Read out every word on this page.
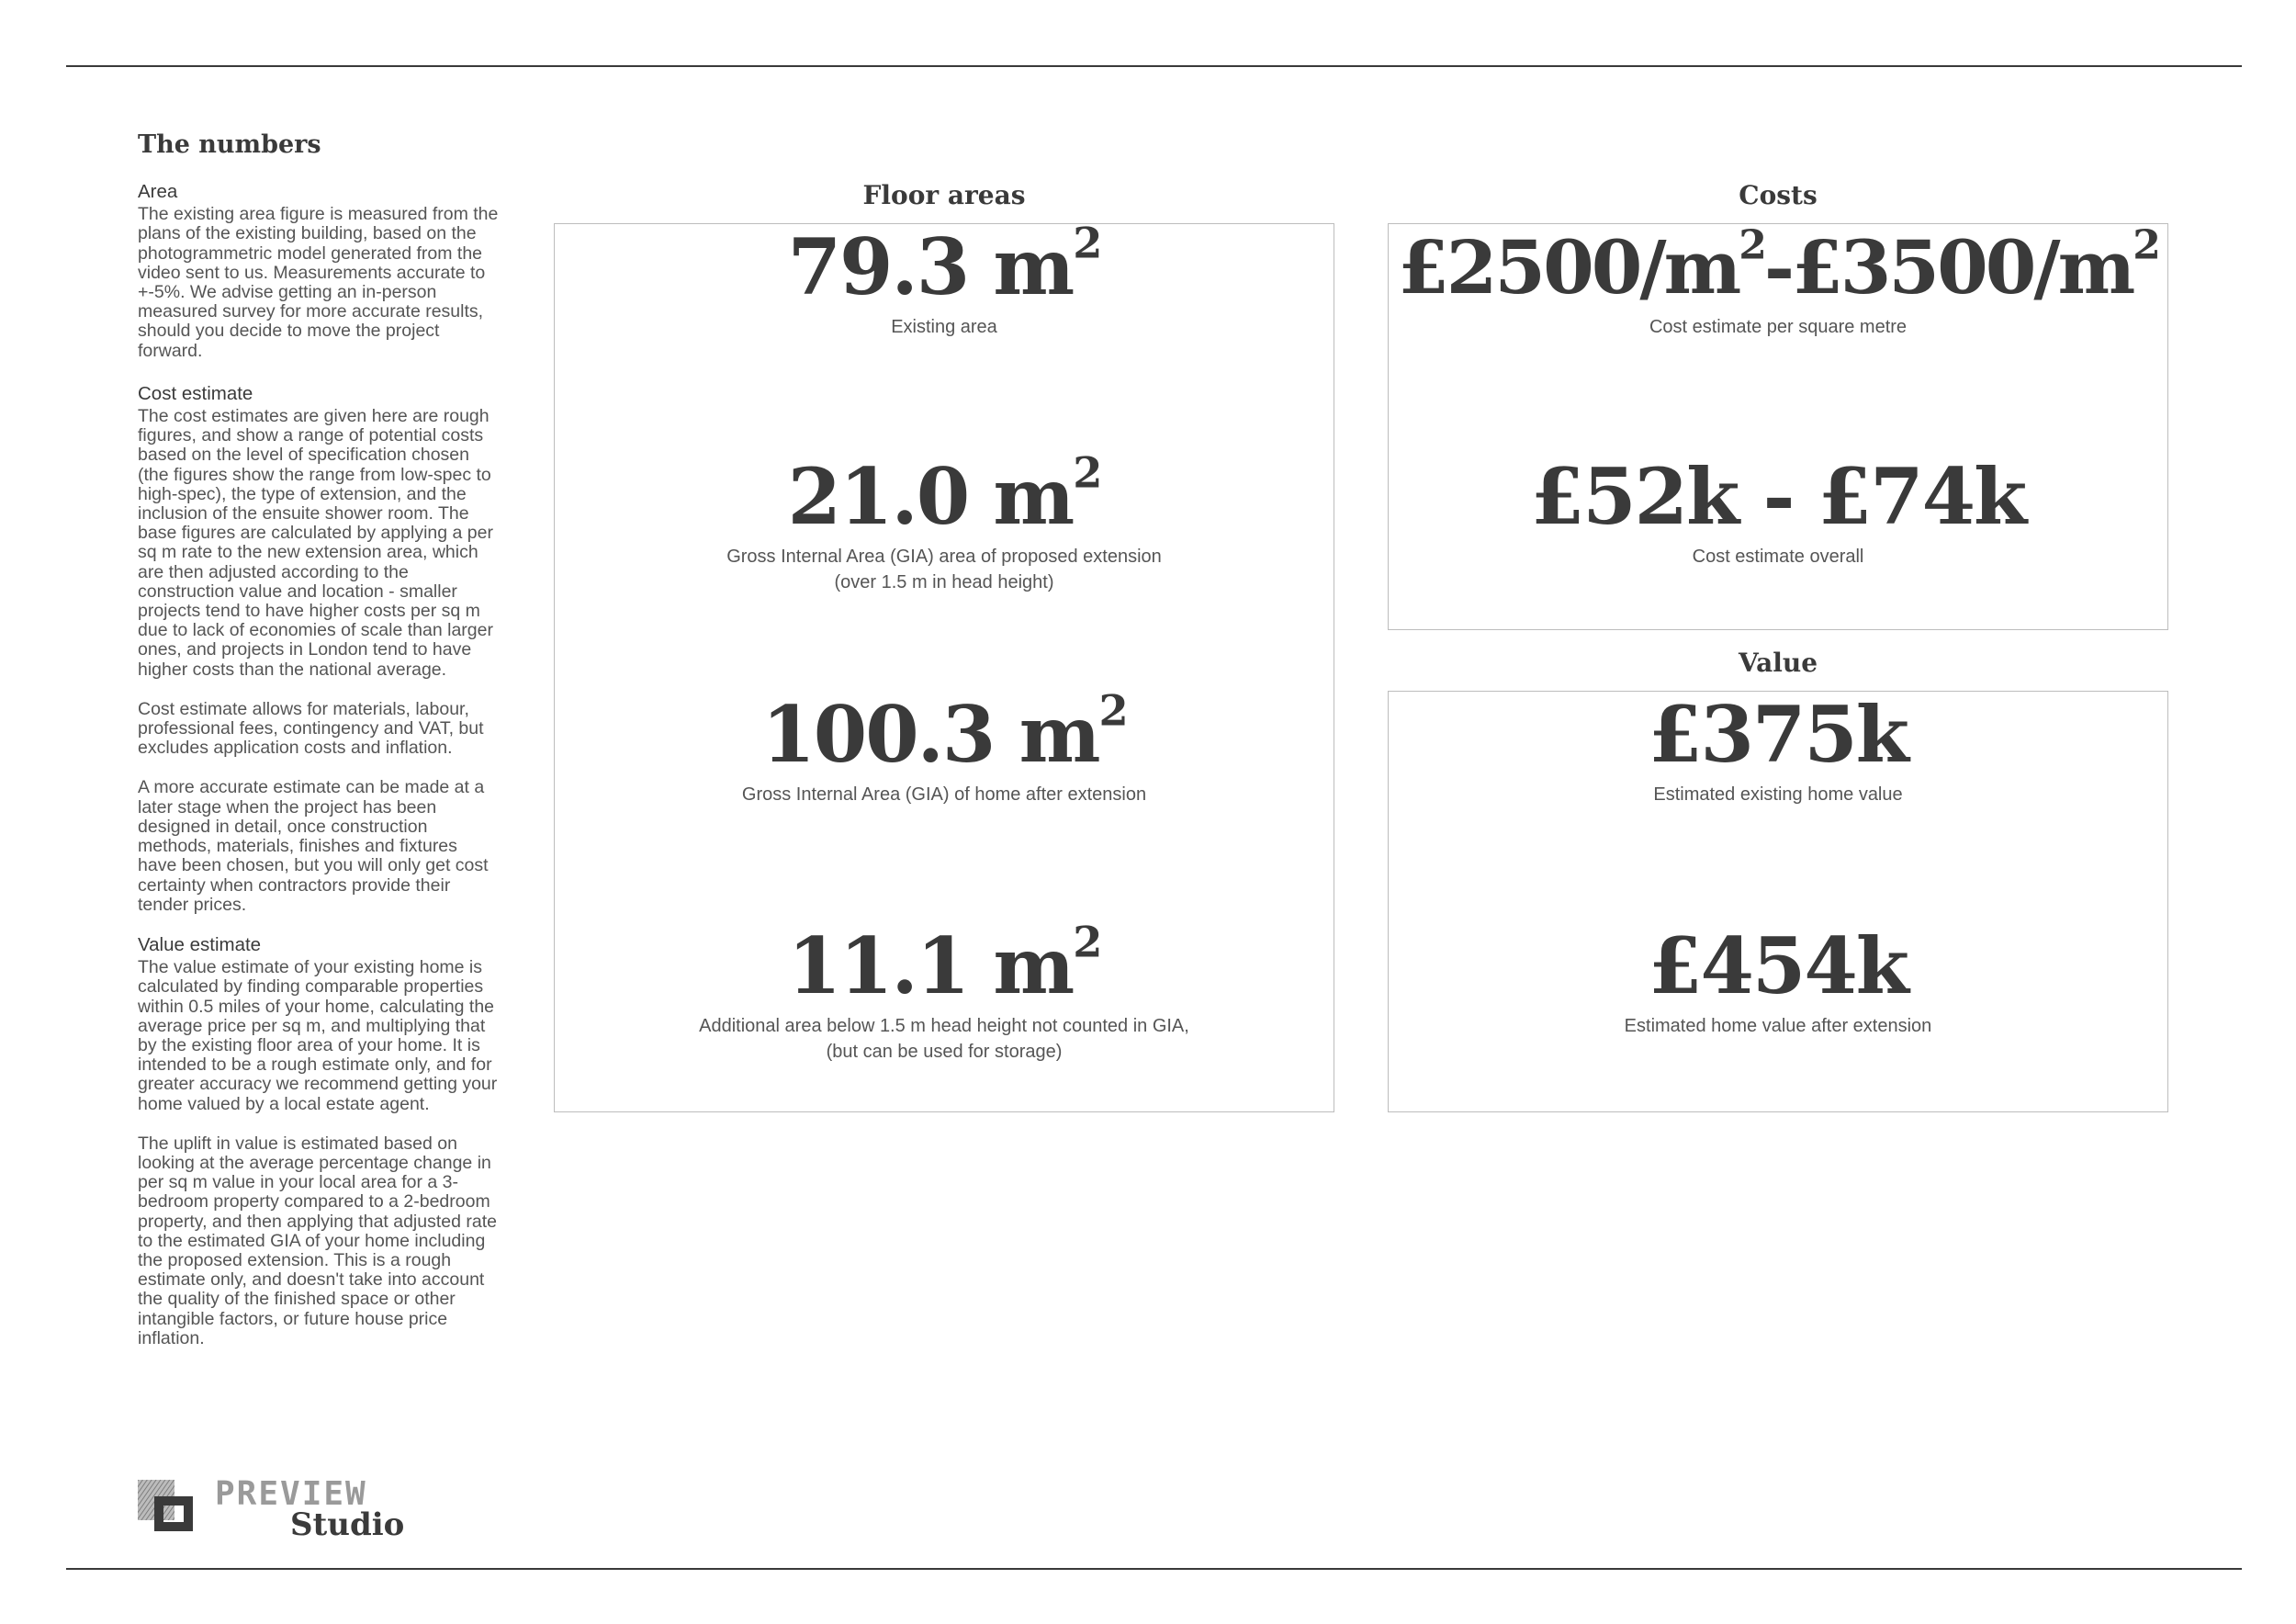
The numbers
Area

The existing area figure is measured from the plans of the existing building, based on the photogrammetric model generated from the video sent to us. Measurements accurate to +-5%. We advise getting an in-person measured survey for more accurate results, should you decide to move the project forward.

Cost estimate

The cost estimates are given here are rough figures, and show a range of potential costs based on the level of specification chosen (the figures show the range from low-spec to high-spec), the type of extension, and the inclusion of the ensuite shower room. The base figures are calculated by applying a per sq m rate to the new extension area, which are then adjusted according to the construction value and location - smaller projects tend to have higher costs per sq m due to lack of economies of scale than larger ones, and projects in London tend to have higher costs than the national average.

Cost estimate allows for materials, labour, professional fees, contingency and VAT, but excludes application costs and inflation.

A more accurate estimate can be made at a later stage when the project has been designed in detail, once construction methods, materials, finishes and fixtures have been chosen, but you will only get cost certainty when contractors provide their tender prices.

Value estimate

The value estimate of your existing home is calculated by finding comparable properties within 0.5 miles of your home, calculating the average price per sq m, and multiplying that by the existing floor area of your home. It is intended to be a rough estimate only, and for greater accuracy we recommend getting your home valued by a local estate agent.

The uplift in value is estimated based on looking at the average percentage change in per sq m value in your local area for a 3-bedroom property compared to a 2-bedroom property, and then applying that adjusted rate to the estimated GIA of your home including the proposed extension. This is a rough estimate only, and doesn't take into account the quality of the finished space or other intangible factors, or future house price inflation.

Floor areas
79.3 $m^2$
Existing area
21.0 $m^2$
Gross Internal Area (GIA) area of proposed extension
(over 1.5 m in head height)
100.3 $m^2$
Gross Internal Area (GIA) of home after extension
11.1 $m^2$
Additional area below 1.5 m head height not counted in GIA,
(but can be used for storage)
Costs
$£2500/m^2-£3500/m^2$
Cost estimate per square metre
£52k - £74k
Cost estimate overall
Value
£375k
Estimated existing home value
£454k
Estimated home value after extension
PREVIEW
Studio
